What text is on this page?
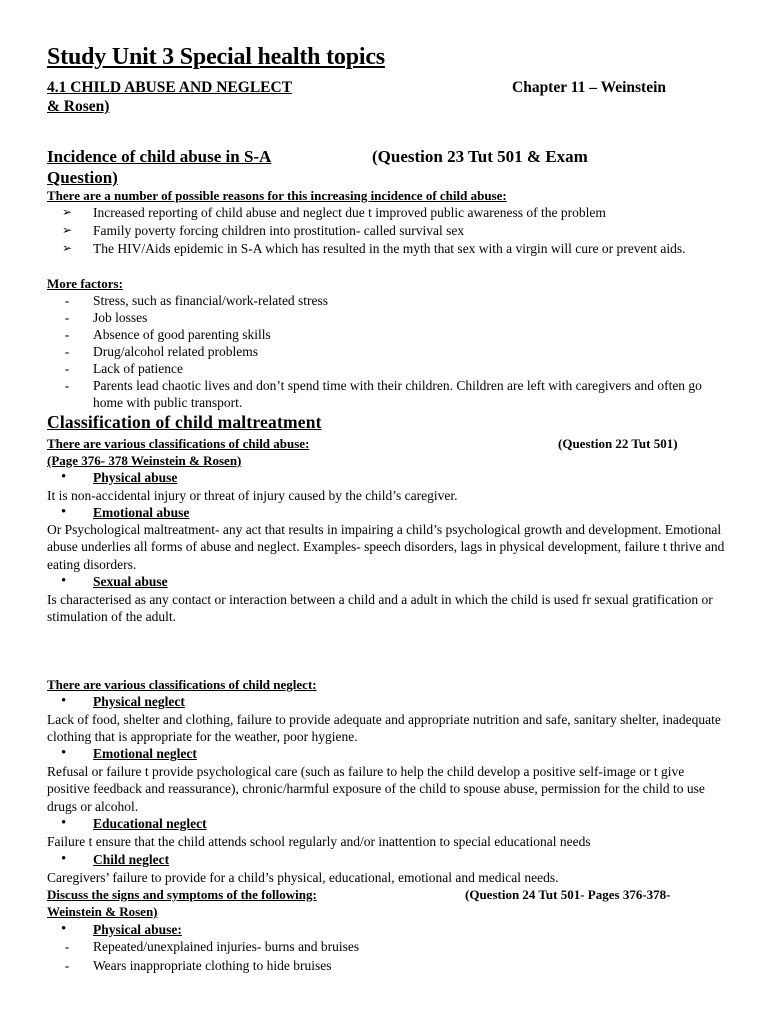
Study Unit 3 Special health topics
4.1 CHILD ABUSE AND NEGLECT	Chapter 11 – Weinstein
& Rosen)
Incidence of child abuse in S-A	(Question 23 Tut 501 & Exam
Question)
There are a number of possible reasons for this increasing incidence of child abuse:
➢	Increased reporting of child abuse and neglect due t improved public awareness of the problem
➢	Family poverty forcing children into prostitution- called survival sex
➢	The HIV/Aids epidemic in S-A which has resulted in the myth that sex with a virgin will cure or prevent aids.
More factors:
-	Stress, such as financial/work-related stress
-	Job losses
-	Absence of good parenting skills
-	Drug/alcohol related problems
-	Lack of patience
-	Parents lead chaotic lives and don’t spend time with their children. Children are left with caregivers and often go home with public transport.
Classification of child maltreatment
There are various classifications of child abuse:	(Question 22 Tut 501)
(Page 376- 378 Weinstein & Rosen)
• Physical abuse
It is non-accidental injury or threat of injury caused by the child’s caregiver.
• Emotional abuse
Or Psychological maltreatment- any act that results in impairing a child’s psychological growth and development. Emotional abuse underlies all forms of abuse and neglect. Examples- speech disorders, lags in physical development, failure t thrive and eating disorders.
• Sexual abuse
Is characterised as any contact or interaction between a child and a adult in which the child is used fr sexual gratification or stimulation of the adult.
There are various classifications of child neglect:
• Physical neglect
Lack of food, shelter and clothing, failure to provide adequate and appropriate nutrition and safe, sanitary shelter, inadequate clothing that is appropriate for the weather, poor hygiene.
• Emotional neglect
Refusal or failure t provide psychological care (such as failure to help the child develop a positive self-image or t give positive feedback and reassurance), chronic/harmful exposure of the child to spouse abuse, permission for the child to use drugs or alcohol.
• Educational neglect
Failure t ensure that the child attends school regularly and/or inattention to special educational needs
• Child neglect
Caregivers’ failure to provide for a child’s physical, educational, emotional and medical needs.
Discuss the signs and symptoms of the following:	(Question 24 Tut 501- Pages 376-378-
Weinstein & Rosen)
• Physical abuse:
-	Repeated/unexplained injuries- burns and bruises
-	Wears inappropriate clothing to hide bruises
